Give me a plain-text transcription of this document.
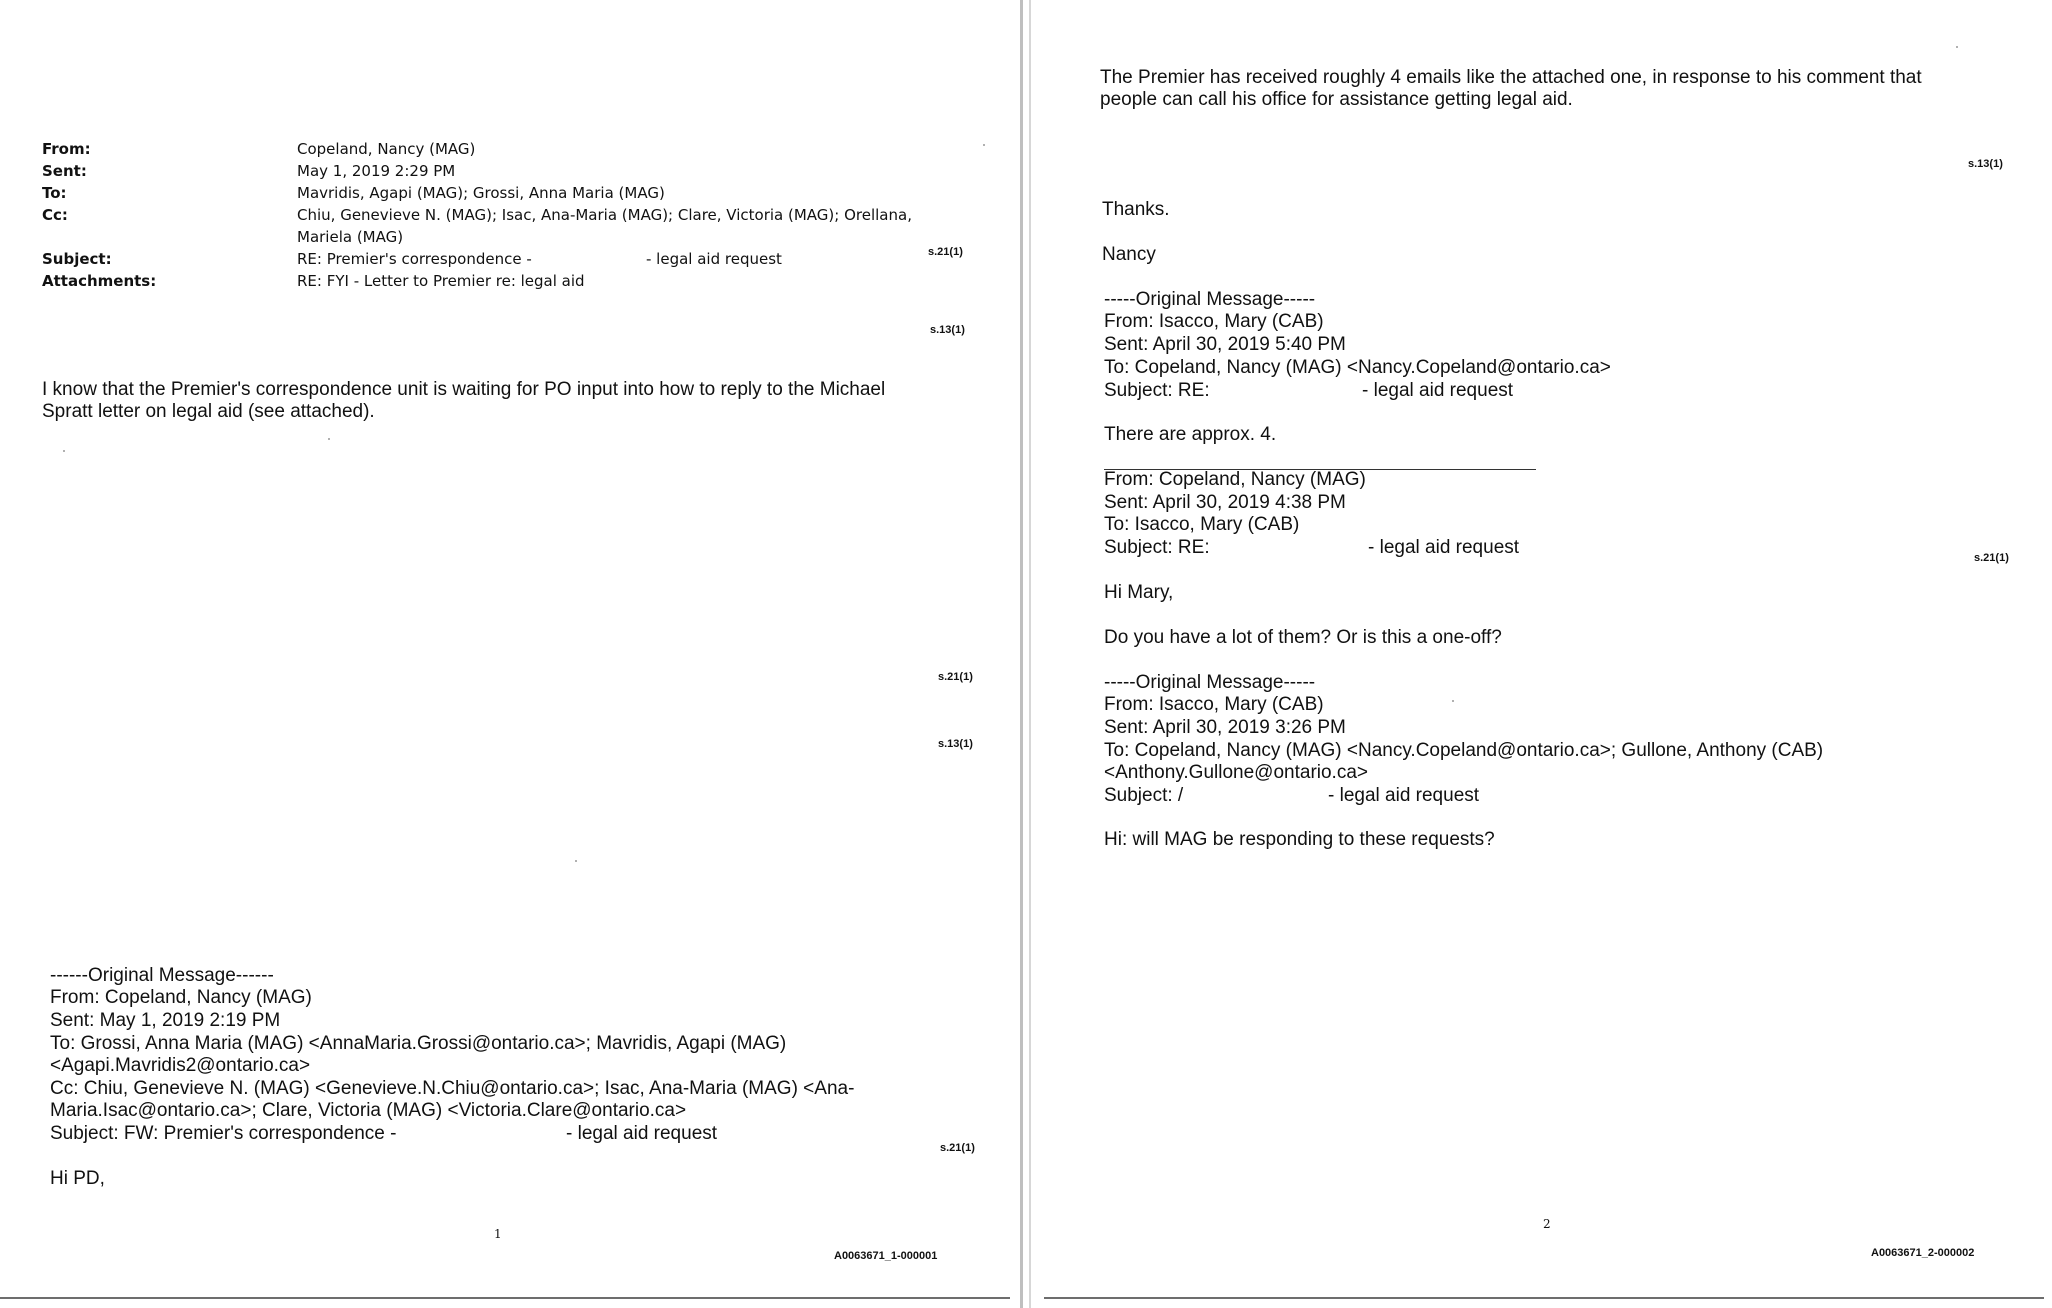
From:	Copeland, Nancy (MAG)
Sent:	May 1, 2019 2:29 PM
To:	Mavridis, Agapi (MAG); Grossi, Anna Maria (MAG)
Cc:	Chiu, Genevieve N. (MAG); Isac, Ana-Maria (MAG); Clare, Victoria (MAG); Orellana,
Mariela (MAG)
Subject:	RE: Premier's correspondence -	- legal aid request	s.21(1)
Attachments:	RE: FYI - Letter to Premier re: legal aid
s.13(1)
I know that the Premier's correspondence unit is waiting for PO input into how to reply to the Michael
Spratt letter on legal aid (see attached).
s.21(1)
s.13(1)
------Original Message------
From: Copeland, Nancy (MAG)
Sent: May 1, 2019 2:19 PM
To: Grossi, Anna Maria (MAG) <AnnaMaria.Grossi@ontario.ca>; Mavridis, Agapi (MAG)
<Agapi.Mavridis2@ontario.ca>
Cc: Chiu, Genevieve N. (MAG) <Genevieve.N.Chiu@ontario.ca>; Isac, Ana-Maria (MAG) <Ana-
Maria.Isac@ontario.ca>; Clare, Victoria (MAG) <Victoria.Clare@ontario.ca>
Subject: FW: Premier's correspondence -	- legal aid request
s.21(1)
Hi PD,
1
A0063671_1-000001
The Premier has received roughly 4 emails like the attached one, in response to his comment that
people can call his office for assistance getting legal aid.
s.13(1)
Thanks.
Nancy
-----Original Message-----
From: Isacco, Mary (CAB)
Sent: April 30, 2019 5:40 PM
To: Copeland, Nancy (MAG) <Nancy.Copeland@ontario.ca>
Subject: RE:	- legal aid request
There are approx. 4.
From: Copeland, Nancy (MAG)
Sent: April 30, 2019 4:38 PM
To: Isacco, Mary (CAB)
Subject: RE:	- legal aid request	s.21(1)
Hi Mary,
Do you have a lot of them? Or is this a one-off?
-----Original Message-----
From: Isacco, Mary (CAB)
Sent: April 30, 2019 3:26 PM
To: Copeland, Nancy (MAG) <Nancy.Copeland@ontario.ca>; Gullone, Anthony (CAB)
<Anthony.Gullone@ontario.ca>
Subject: /	- legal aid request
Hi: will MAG be responding to these requests?
2
A0063671_2-000002
